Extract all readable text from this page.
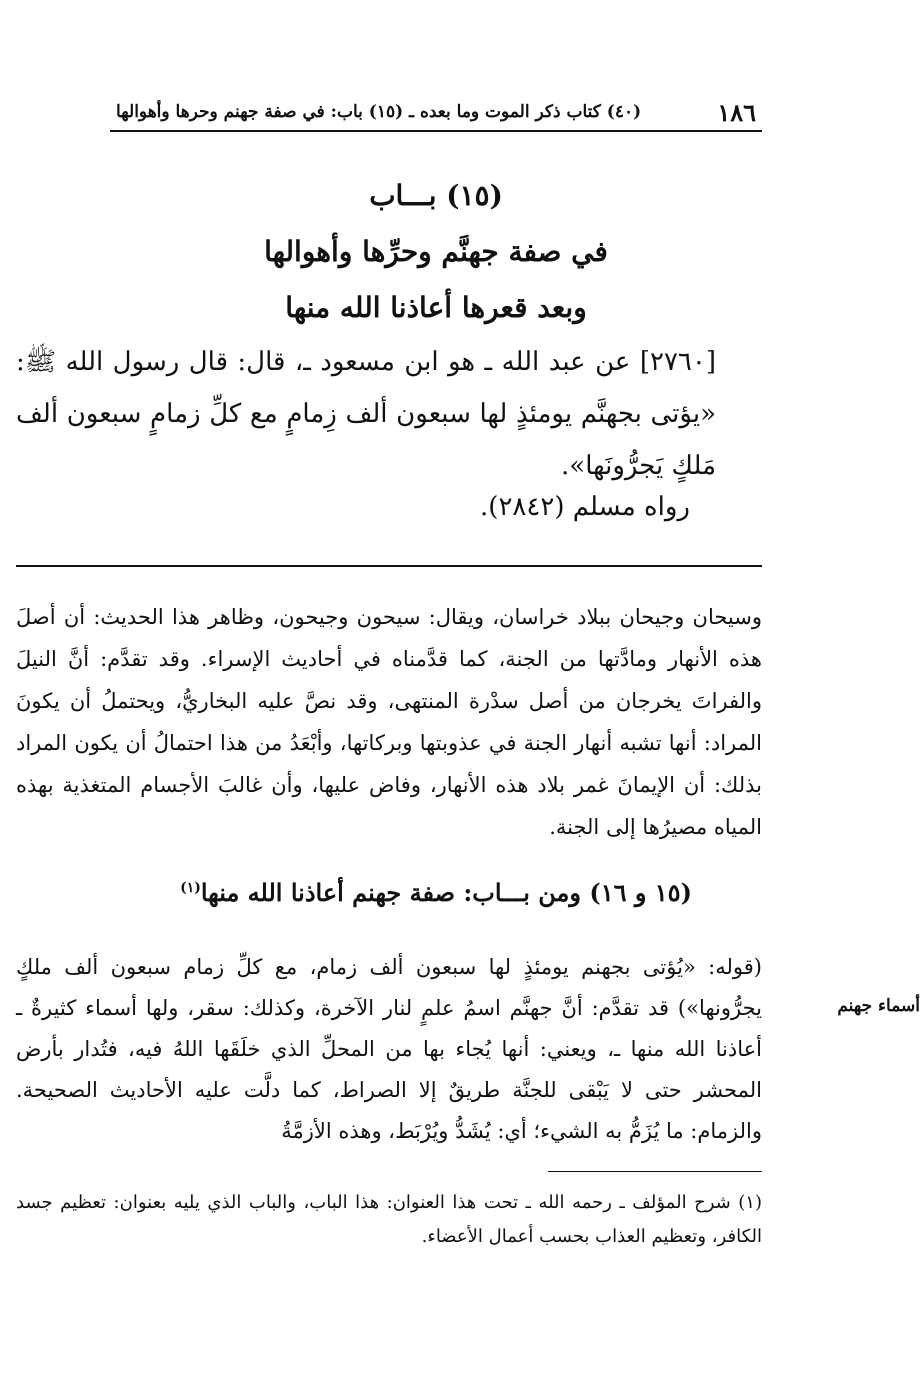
١٨٦
(٤٠) كتاب ذكر الموت وما بعده ـ (١٥) باب: في صفة جهنم وحرها وأهوالها
(١٥) بـــاب
في صفة جهنَّم وحرِّها وأهوالها
وبعد قعرها أعاذنا الله منها
[٢٧٦٠] عن عبد الله ـ هو ابن مسعود ـ، قال: قال رسول الله ﷺ: «يؤتى بجهنَّم يومئذٍ لها سبعون ألف زِمامٍ مع كلِّ زمامٍ سبعون ألف مَلكٍ يَجرُّونَها».
رواه مسلم (٢٨٤٢).
وسيحان وجيحان ببلاد خراسان، ويقال: سيحون وجيحون، وظاهر هذا الحديث: أن أصلَ هذه الأنهار ومادَّتها من الجنة، كما قدَّمناه في أحاديث الإسراء. وقد تقدَّم: أنَّ النيلَ والفراتَ يخرجان من أصل سدْرة المنتهى، وقد نصَّ عليه البخاريُّ، ويحتملُ أن يكونَ المراد: أنها تشبه أنهار الجنة في عذوبتها وبركاتها، وأبْعَدُ من هذا احتمالُ أن يكون المراد بذلك: أن الإيمانَ غمر بلاد هذه الأنهار، وفاض عليها، وأن غالبَ الأجسام المتغذية بهذه المياه مصيرُها إلى الجنة.
(١٥ و ١٦) ومن بـــاب: صفة جهنم أعاذنا الله منها$^{(١)}$
أسماء جهنم
(قوله: «يُؤتى بجهنم يومئذٍ لها سبعون ألف زمام، مع كلِّ زمام سبعون ألف ملكٍ يجرُّونها») قد تقدَّم: أنَّ جهنَّم اسمُ علمٍ لنار الآخرة، وكذلك: سقر، ولها أسماء كثيرةٌ ـ أعاذنا الله منها ـ، ويعني: أنها يُجاء بها من المحلِّ الذي خلَقَها اللهُ فيه، فتُدار بأرض المحشر حتى لا يَبْقى للجنَّة طريقٌ إلا الصراط، كما دلَّت عليه الأحاديث الصحيحة. والزمام: ما يُزَمُّ به الشيء؛ أي: يُشَدُّ ويُرْبَط، وهذه الأزمَّةُ
(١) شرح المؤلف ـ رحمه الله ـ تحت هذا العنوان: هذا الباب، والباب الذي يليه بعنوان: تعظيم جسد الكافر، وتعظيم العذاب بحسب أعمال الأعضاء.
